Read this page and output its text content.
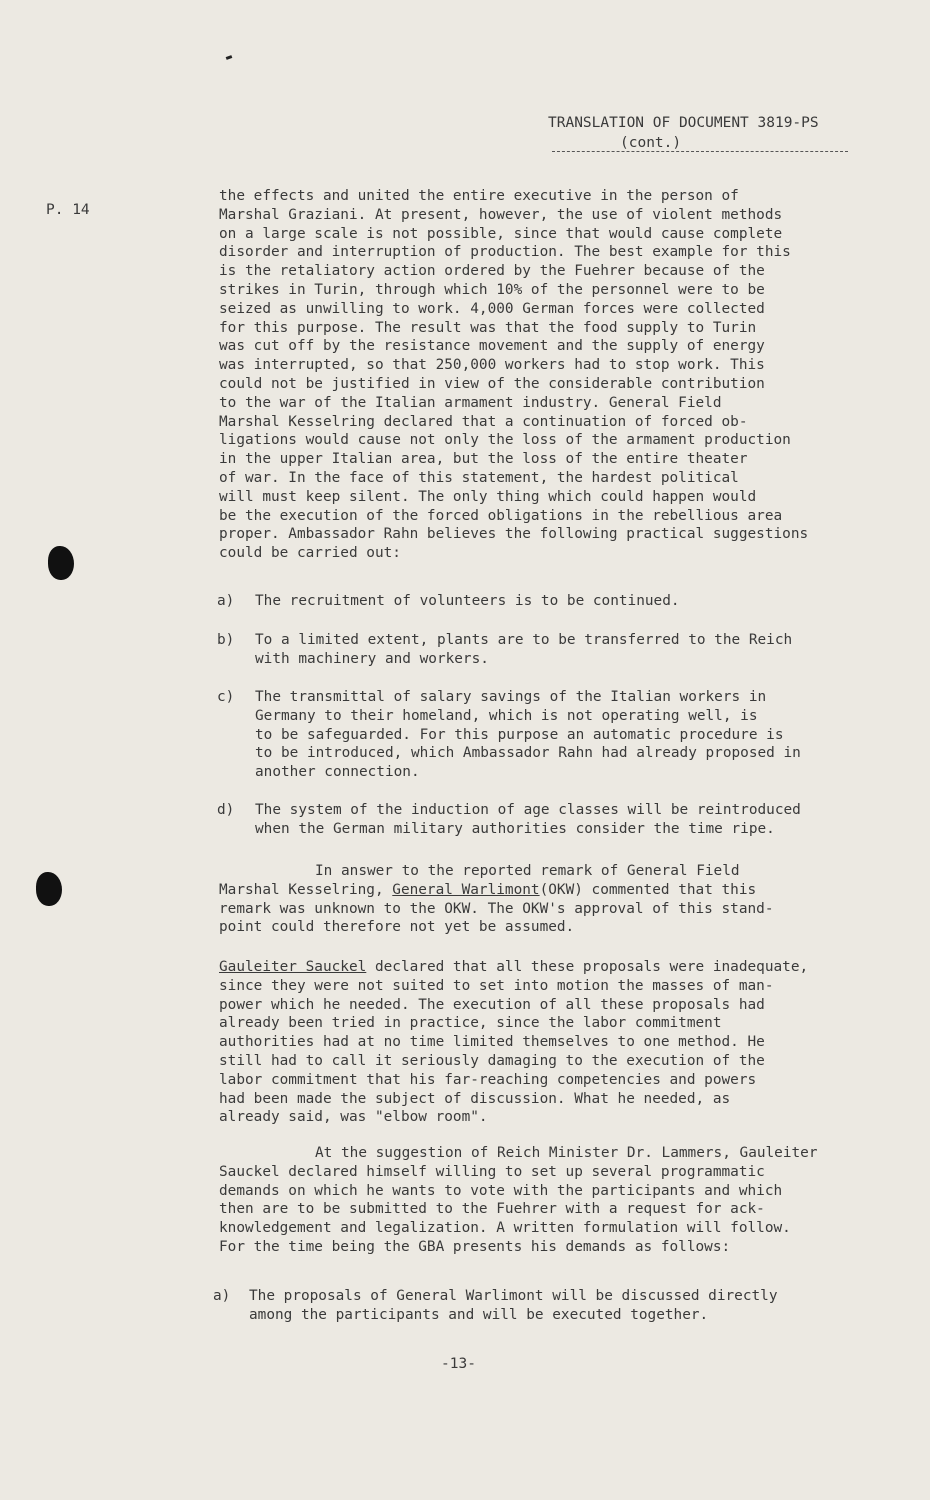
TRANSLATION OF DOCUMENT 3819-PS
(cont.)
P. 14

the effects and united the entire executive in the person of
Marshal Graziani. At present, however, the use of violent methods
on a large scale is not possible, since that would cause complete
disorder and interruption of production. The best example for this
is the retaliatory action ordered by the Fuehrer because of the
strikes in Turin, through which 10% of the personnel were to be
seized as unwilling to work. 4,000 German forces were collected
for this purpose. The result was that the food supply to Turin
was cut off by the resistance movement and the supply of energy
was interrupted, so that 250,000 workers had to stop work. This
could not be justified in view of the considerable contribution
to the war of the Italian armament industry. General Field
Marshal Kesselring declared that a continuation of forced ob-
ligations would cause not only the loss of the armament production
in the upper Italian area, but the loss of the entire theater
of war. In the face of this statement, the hardest political
will must keep silent. The only thing which could happen would
be the execution of the forced obligations in the rebellious area
proper. Ambassador Rahn believes the following practical suggestions
could be carried out:

a) The recruitment of volunteers is to be continued.
b) To a limited extent, plants are to be transferred to the Reich
with machinery and workers.
c) The transmittal of salary savings of the Italian workers in
Germany to their homeland, which is not operating well, is
to be safeguarded. For this purpose an automatic procedure is
to be introduced, which Ambassador Rahn had already proposed in
another connection.
d) The system of the induction of age classes will be reintroduced
when the German military authorities consider the time ripe.
In answer to the reported remark of General Field
Marshal Kesselring, General Warlimont(OKW) commented that this
remark was unknown to the OKW. The OKW's approval of this stand-
point could therefore not yet be assumed.
Gauleiter Sauckel declared that all these proposals were inadequate,
since they were not suited to set into motion the masses of man-
power which he needed. The execution of all these proposals had
already been tried in practice, since the labor commitment
authorities had at no time limited themselves to one method. He
still had to call it seriously damaging to the execution of the
labor commitment that his far-reaching competencies and powers
had been made the subject of discussion. What he needed, as
already said, was "elbow room".
At the suggestion of Reich Minister Dr. Lammers, Gauleiter
Sauckel declared himself willing to set up several programmatic
demands on which he wants to vote with the participants and which
then are to be submitted to the Fuehrer with a request for ack-
knowledgement and legalization. A written formulation will follow.
For the time being the GBA presents his demands as follows:
a) The proposals of General Warlimont will be discussed directly
among the participants and will be executed together.
-13-
